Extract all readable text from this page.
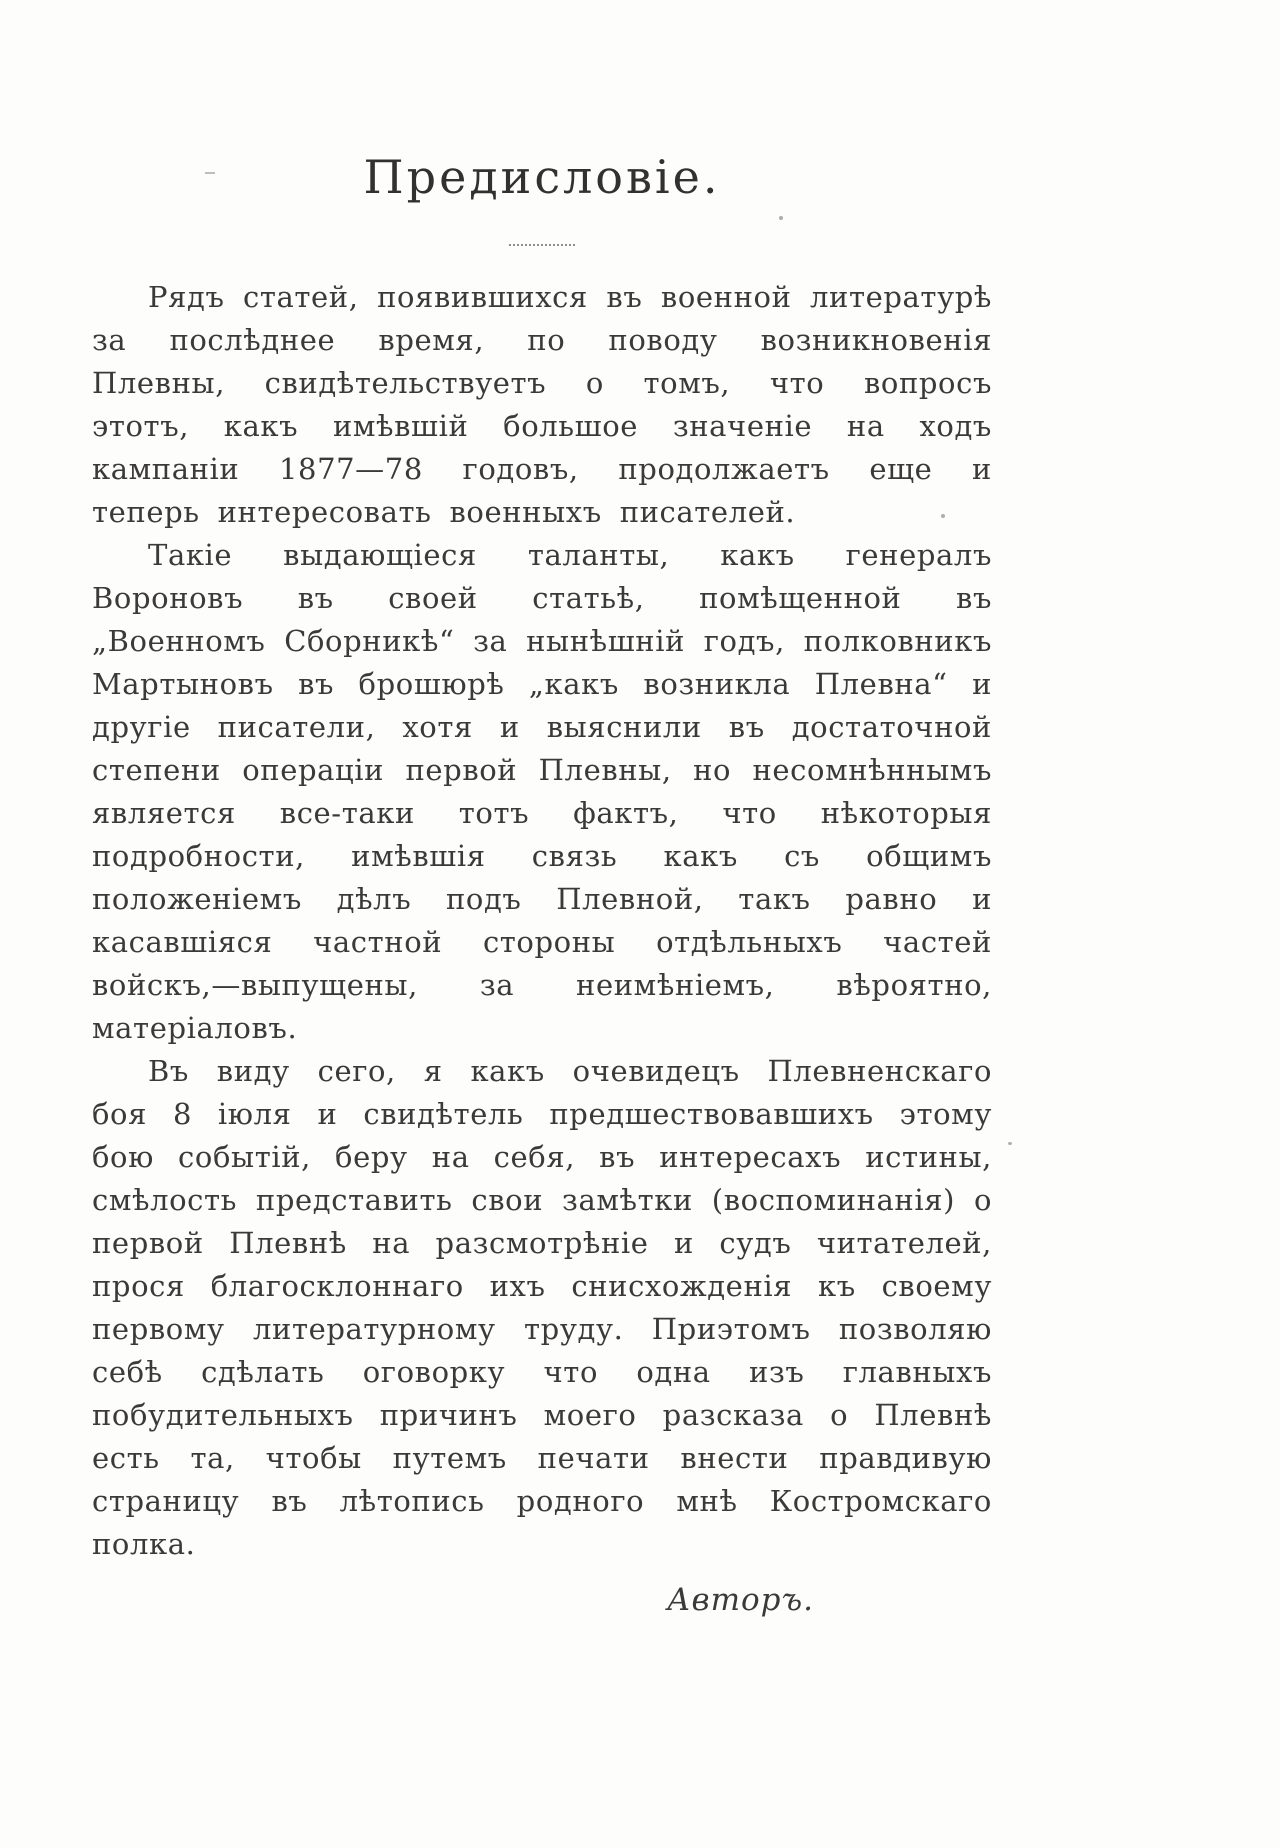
Предисловіе.

Рядъ статей, появившихся въ военной литературѣ за послѣднее время, по поводу возникновенія Плевны, свидѣтельствуетъ о томъ, что вопросъ этотъ, какъ имѣвшій большое значеніе на ходъ кампаніи 1877—78 годовъ, продолжаетъ еще и теперь интересовать военныхъ писателей.

Такіе выдающіеся таланты, какъ генералъ Вороновъ въ своей статьѣ, помѣщенной въ „Военномъ Сборникѣ“ за нынѣшній годъ, полковникъ Мартыновъ въ брошюрѣ „какъ возникла Плевна“ и другіе писатели, хотя и выяснили въ достаточной степени операціи первой Плевны, но несомнѣннымъ является все-таки тотъ фактъ, что нѣкоторыя подробности, имѣвшія связь какъ съ общимъ положеніемъ дѣлъ подъ Плевной, такъ равно и касавшіяся частной стороны отдѣльныхъ частей войскъ,—выпущены, за неимѣніемъ, вѣроятно, матеріаловъ.

Въ виду сего, я какъ очевидецъ Плевненскаго боя 8 іюля и свидѣтель предшествовавшихъ этому бою событій, беру на себя, въ интересахъ истины, смѣлость представить свои замѣтки (воспоминанія) о первой Плевнѣ на разсмотрѣніе и судъ читателей, прося благосклоннаго ихъ снисхожденія къ своему первому литературному труду. Приэтомъ позволяю себѣ сдѣлать оговорку что одна изъ главныхъ побудительныхъ причинъ моего разсказа о Плевнѣ есть та, чтобы путемъ печати внести правдивую страницу въ лѣтопись родного мнѣ Костромскаго полка.

Авторъ.
